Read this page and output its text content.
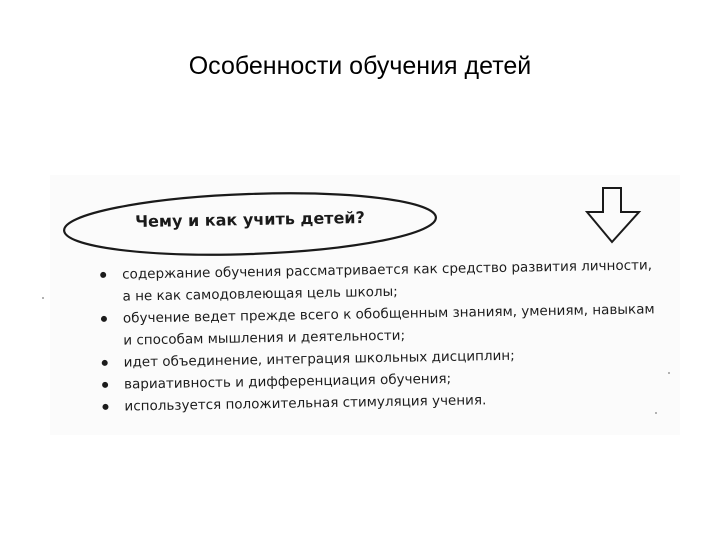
Особенности обучения детей
Чему и как учить детей?
содержание обучения рассматривается как средство развития личности, а не как самодовлеющая цель школы;
обучение ведет прежде всего к обобщенным знаниям, умениям, навыкам и способам мышления и деятельности;
идет объединение, интеграция школьных дисциплин;
вариативность и дифференциация обучения;
используется положительная стимуляция учения.
